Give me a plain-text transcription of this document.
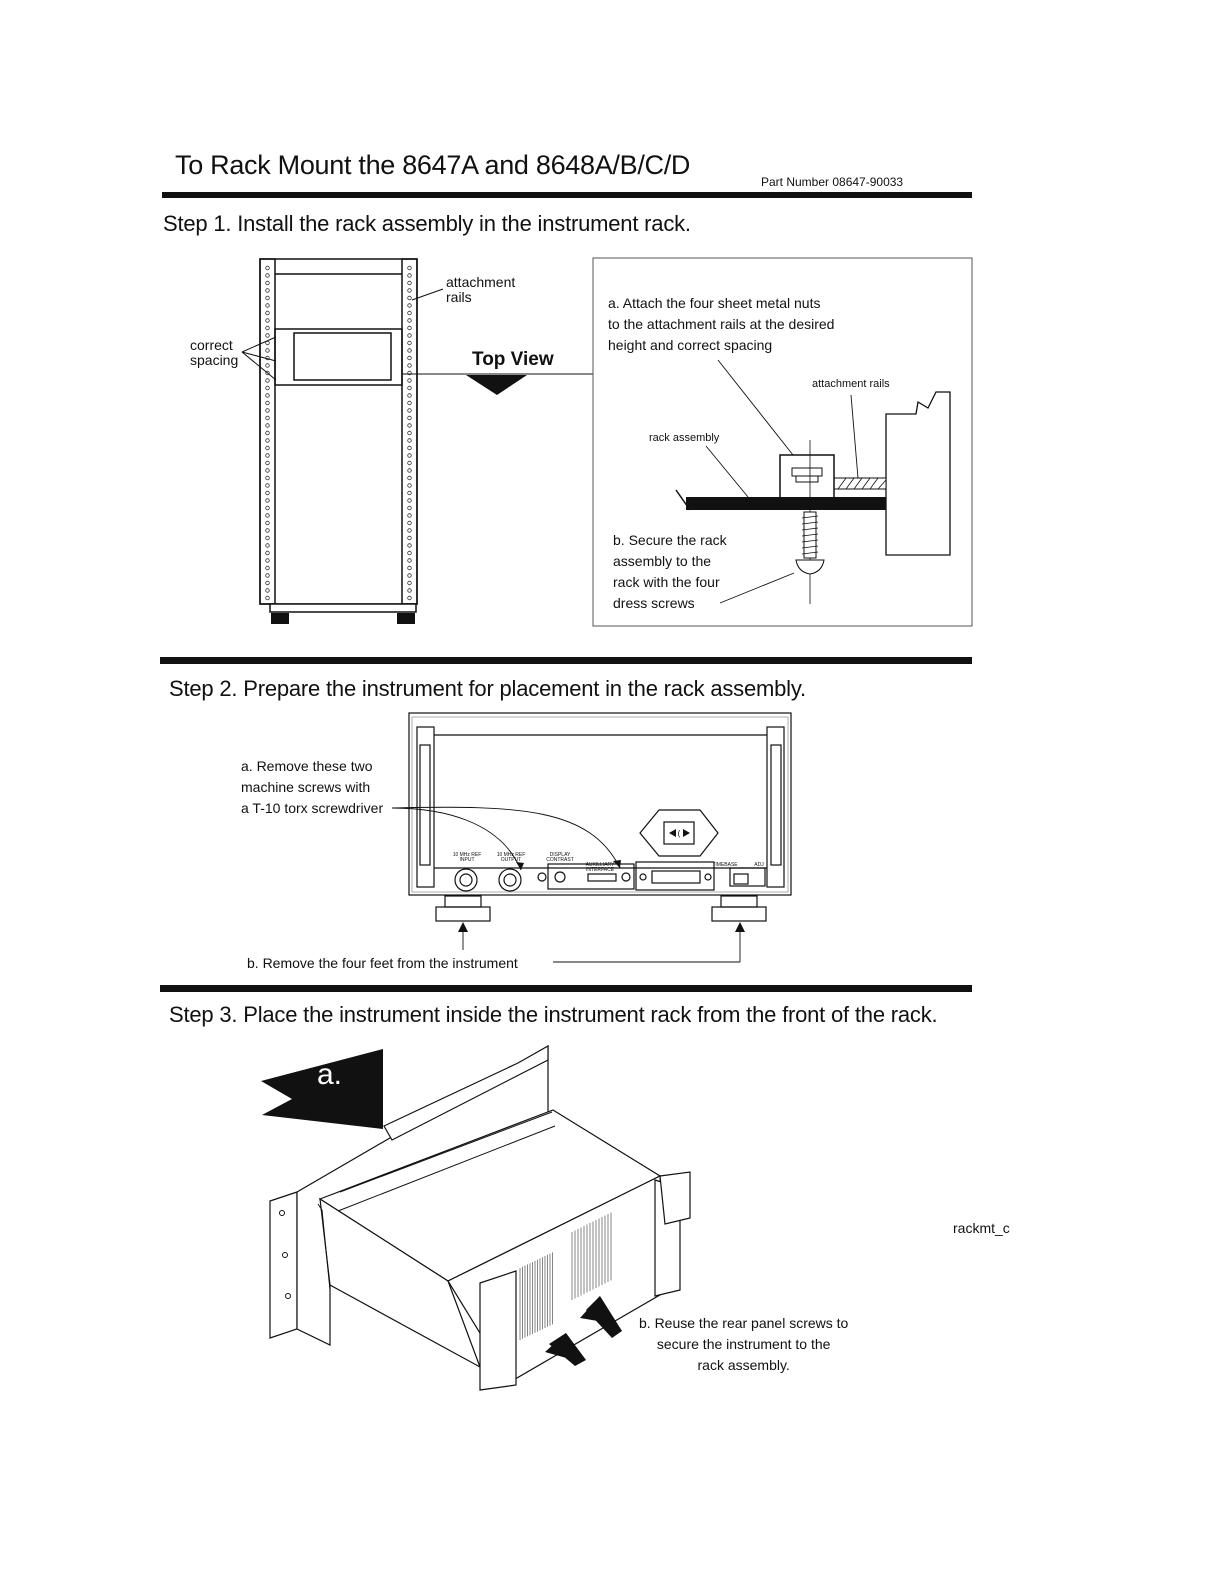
To Rack Mount the 8647A and 8648A/B/C/D
Part Number 08647-90033
Step 1. Install the rack assembly in the instrument rack.
correct
spacing
attachment
rails
Top View
a. Attach the four sheet metal nuts
to the attachment rails at the desired
height and correct spacing
attachment rails
rack assembly
b. Secure the rack
assembly to the
rack with the four
dress screws
Step 2. Prepare the instrument for placement in the rack assembly.
(
10 MHz REF INPUT
10 MHz REF OUTPUT
DISPLAY CONTRAST
AUXILLIARY INTERFACE
TIMEBASE	ADJ
a. Remove these two
machine screws with
a T-10 torx screwdriver
b. Remove the four feet from the instrument
Step 3. Place the instrument inside the instrument rack from the front of the rack.
a.
b. Reuse the rear panel screws to
secure the instrument to the
rack assembly.
rackmt_c
